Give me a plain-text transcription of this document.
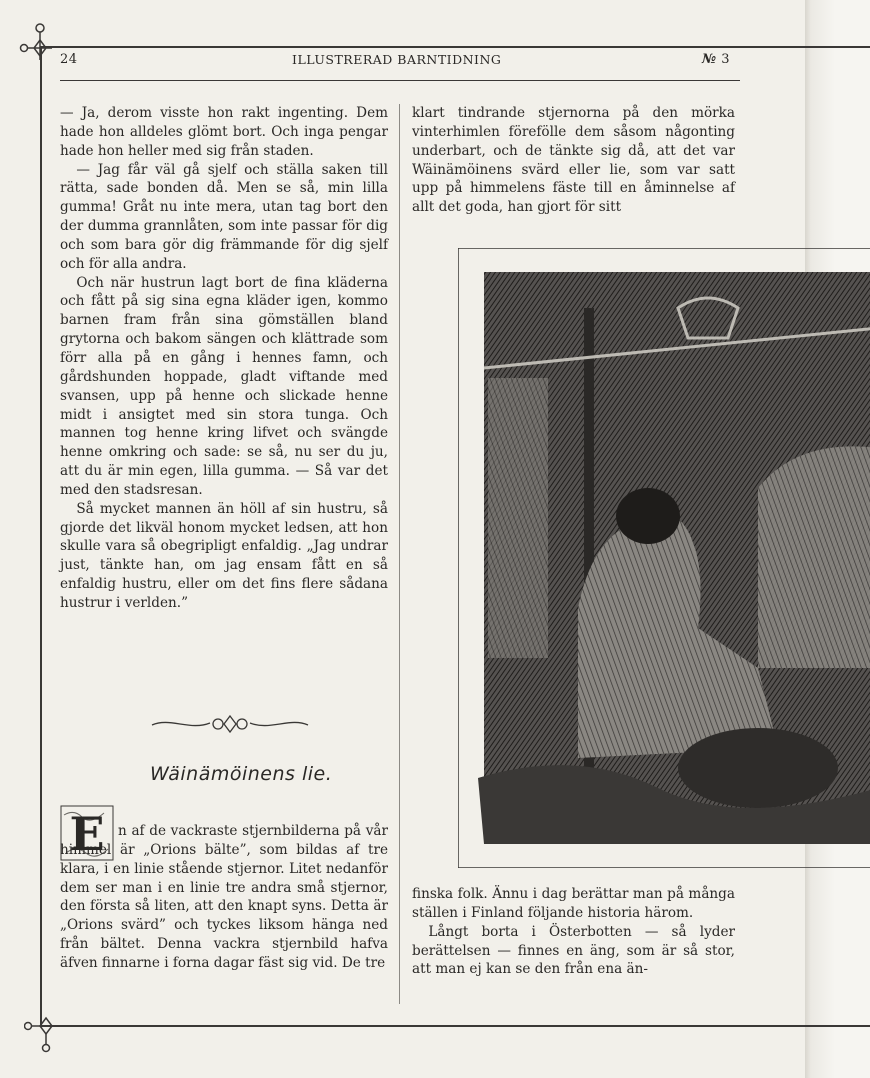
24	ILLUSTRERAD BARNTIDNING	№ 3

— Ja, derom visste hon rakt ingenting. Dem hade hon alldeles glömt bort. Och inga pengar hade hon heller med sig från staden.

— Jag får väl gå sjelf och ställa saken till rätta, sade bonden då. Men se så, min lilla gumma! Gråt nu inte mera, utan tag bort den der dumma grannlåten, som inte passar för dig och som bara gör dig främmande för dig sjelf och för alla andra.

Och när hustrun lagt bort de fina kläderna och fått på sig sina egna kläder igen, kommo barnen fram från sina gömställen bland grytorna och bakom sängen och klättrade som förr alla på en gång i hennes famn, och gårdshunden hoppade, gladt viftande med svansen, upp på henne och slickade henne midt i ansigtet med sin stora tunga. Och mannen tog henne kring lifvet och svängde henne omkring och sade: se så, nu ser du ju, att du är min egen, lilla gumma. — Så var det med den stadsresan.

Så mycket mannen än höll af sin hustru, så gjorde det likväl honom mycket ledsen, att hon skulle vara så obegripligt enfaldig. „Jag undrar just, tänkte han, om jag ensam fått en så enfaldig hustru, eller om det fins flere sådana hustrur i verlden.”

Wäinämöinens lie.
E n af de vackraste stjernbilderna på vår himmel är „Orions bälte”, som bildas af tre klara, i en linie stående stjernor. Litet nedanför dem ser man i en linie tre andra små stjernor, den första så liten, att den knapt syns. Detta är „Orions svärd” och tyckes liksom hänga ned från bältet. Denna vackra stjernbild hafva äfven finnarne i forna dagar fäst sig vid. De tre

klart tindrande stjernorna på den mörka vinterhimlen förefölle dem såsom någonting underbart, och de tänkte sig då, att det var Wäinämöinens svärd eller lie, som var satt upp på himmelens fäste till en åminnelse af allt det goda, han gjort för sitt

finska folk. Ännu i dag berättar man på många ställen i Finland följande historia härom.

Långt borta i Österbotten — så lyder berättelsen — finnes en äng, som är så stor, att man ej kan se den från ena än-
